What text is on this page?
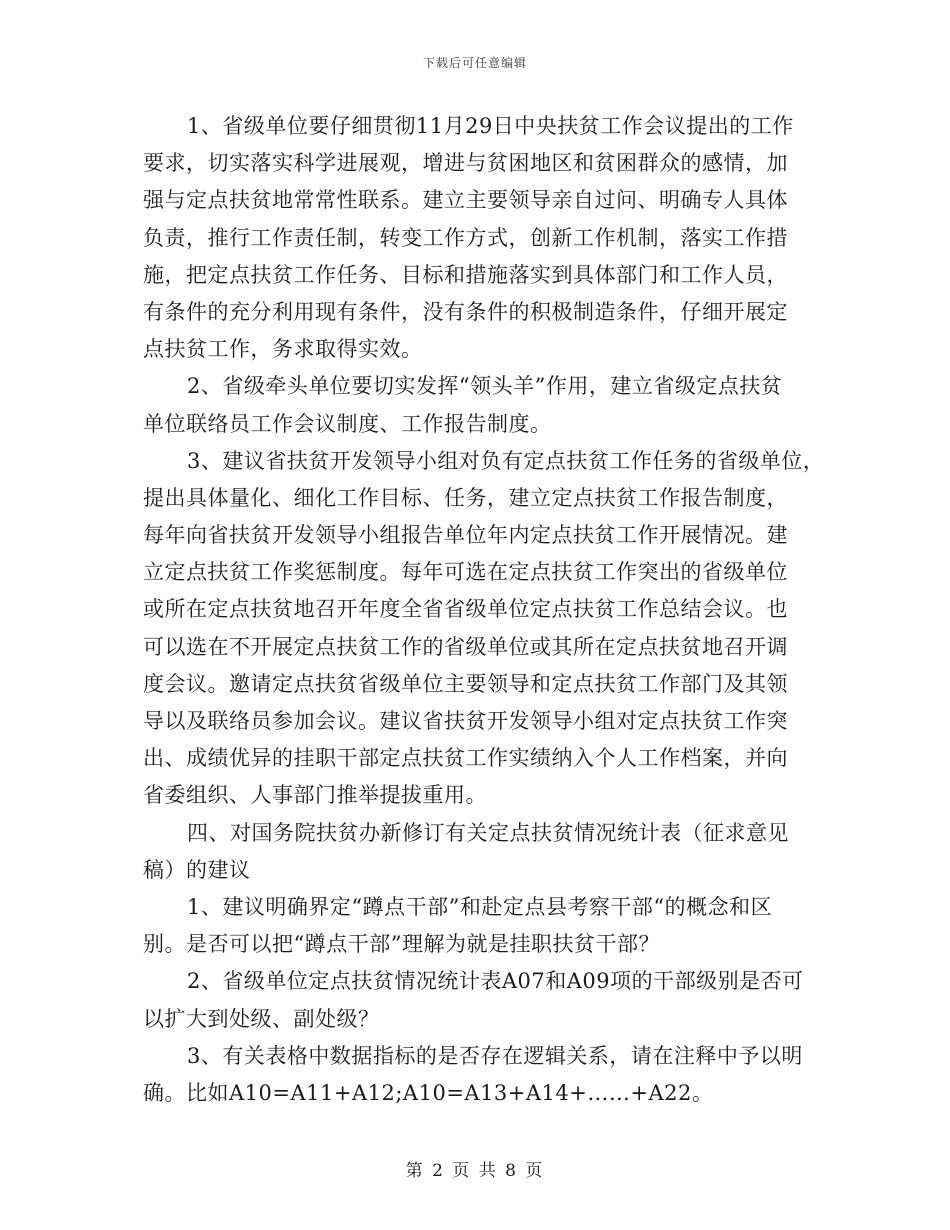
下载后可任意编辑
1、省级单位要仔细贯彻11月29日中央扶贫工作会议提出的工作
要求，切实落实科学进展观，增进与贫困地区和贫困群众的感情，加
强与定点扶贫地常常性联系。建立主要领导亲自过问、明确专人具体
负责，推行工作责任制，转变工作方式，创新工作机制，落实工作措
施，把定点扶贫工作任务、目标和措施落实到具体部门和工作人员，
有条件的充分利用现有条件，没有条件的积极制造条件，仔细开展定
点扶贫工作，务求取得实效。
2、省级牵头单位要切实发挥“领头羊”作用，建立省级定点扶贫
单位联络员工作会议制度、工作报告制度。
3、建议省扶贫开发领导小组对负有定点扶贫工作任务的省级单位，
提出具体量化、细化工作目标、任务，建立定点扶贫工作报告制度，
每年向省扶贫开发领导小组报告单位年内定点扶贫工作开展情况。建
立定点扶贫工作奖惩制度。每年可选在定点扶贫工作突出的省级单位
或所在定点扶贫地召开年度全省省级单位定点扶贫工作总结会议。也
可以选在不开展定点扶贫工作的省级单位或其所在定点扶贫地召开调
度会议。邀请定点扶贫省级单位主要领导和定点扶贫工作部门及其领
导以及联络员参加会议。建议省扶贫开发领导小组对定点扶贫工作突
出、成绩优异的挂职干部定点扶贫工作实绩纳入个人工作档案，并向
省委组织、人事部门推举提拔重用。
四、对国务院扶贫办新修订有关定点扶贫情况统计表（征求意见
稿）的建议
1、建议明确界定“蹲点干部”和赴定点县考察干部“的概念和区
别。是否可以把“蹲点干部”理解为就是挂职扶贫干部？
2、省级单位定点扶贫情况统计表A07和A09项的干部级别是否可
以扩大到处级、副处级？
3、有关表格中数据指标的是否存在逻辑关系，请在注释中予以明
确。比如A10=A11+A12;A10=A13+A14+……+A22。
第 2 页 共 8 页
